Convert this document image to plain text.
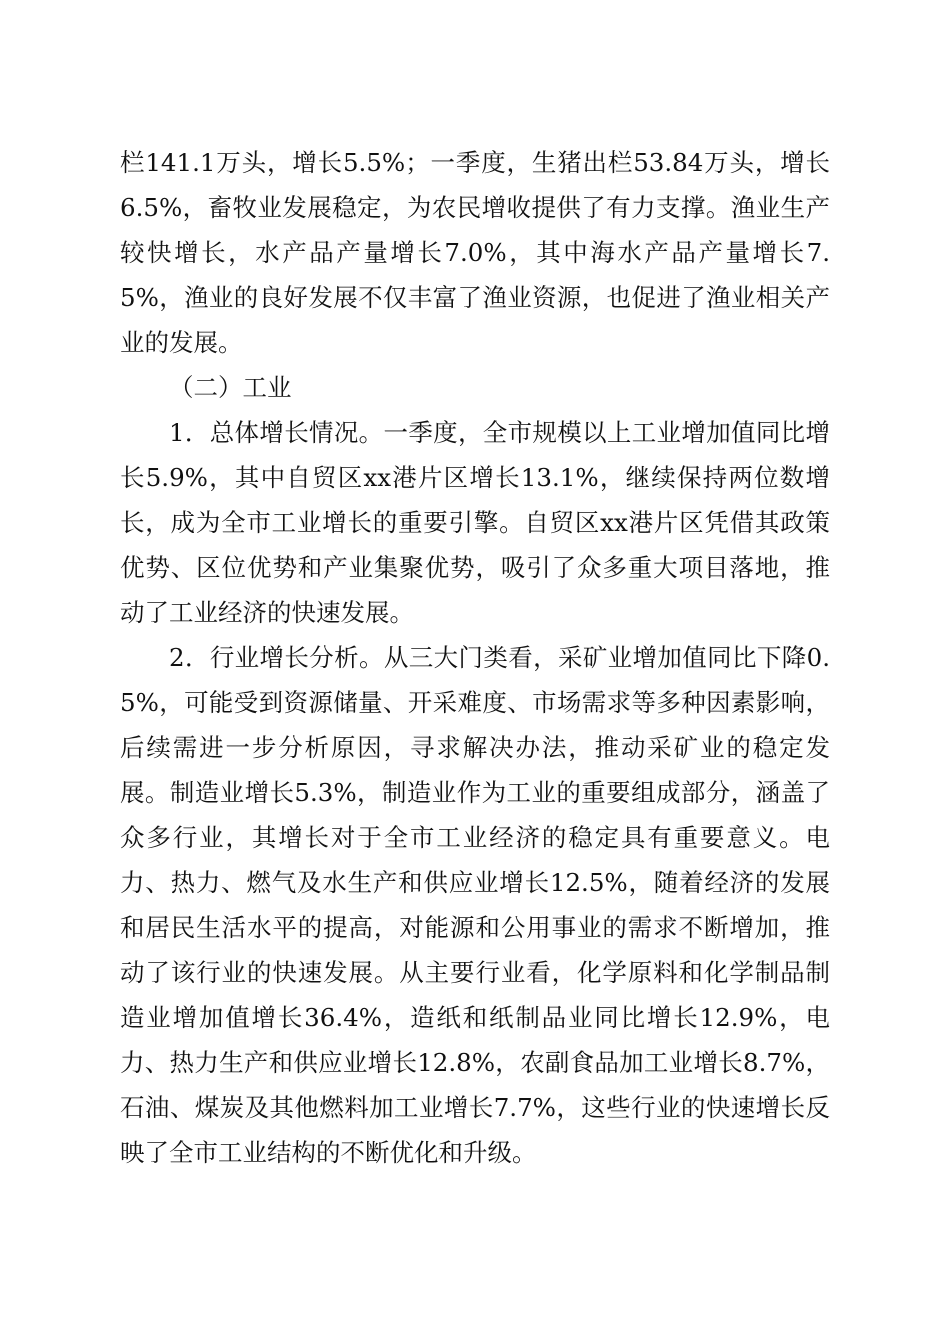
栏141.1万头，增长5.5%；一季度，生猪出栏53.84万头，增长6.5%，畜牧业发展稳定，为农民增收提供了有力支撑。渔业生产较快增长，水产品产量增长7.0%，其中海水产品产量增长7.5%，渔业的良好发展不仅丰富了渔业资源，也促进了渔业相关产业的发展。

（二）工业

1．总体增长情况。一季度，全市规模以上工业增加值同比增长5.9%，其中自贸区xx港片区增长13.1%，继续保持两位数增长，成为全市工业增长的重要引擎。自贸区xx港片区凭借其政策优势、区位优势和产业集聚优势，吸引了众多重大项目落地，推动了工业经济的快速发展。

2．行业增长分析。从三大门类看，采矿业增加值同比下降0.5%，可能受到资源储量、开采难度、市场需求等多种因素影响，后续需进一步分析原因，寻求解决办法，推动采矿业的稳定发展。制造业增长5.3%，制造业作为工业的重要组成部分，涵盖了众多行业，其增长对于全市工业经济的稳定具有重要意义。电力、热力、燃气及水生产和供应业增长12.5%，随着经济的发展和居民生活水平的提高，对能源和公用事业的需求不断增加，推动了该行业的快速发展。从主要行业看，化学原料和化学制品制造业增加值增长36.4%，造纸和纸制品业同比增长12.9%，电力、热力生产和供应业增长12.8%，农副食品加工业增长8.7%，石油、煤炭及其他燃料加工业增长7.7%，这些行业的快速增长反映了全市工业结构的不断优化和升级。
